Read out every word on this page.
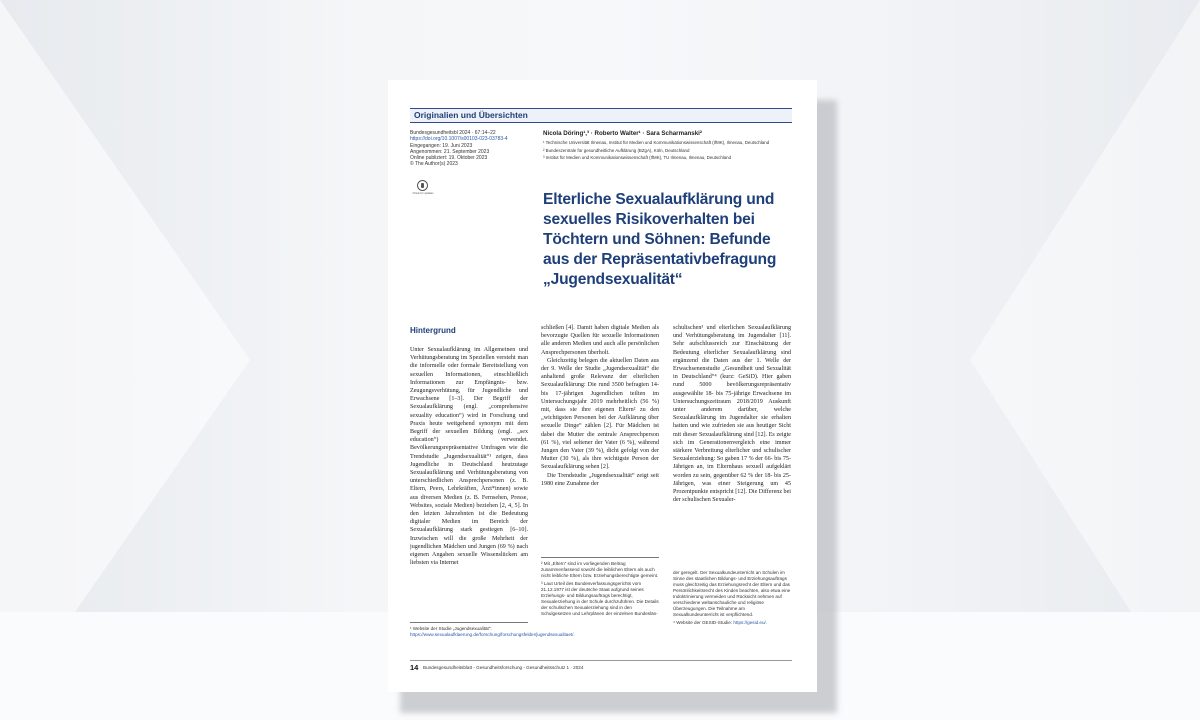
Originalien und Übersichten
Bundesgesundheitsbl 2024 · 67:14–22
https://doi.org/10.1007/s00103-023-03783-4
Eingegangen: 19. Juni 2023
Angenommen: 21. September 2023
Online publiziert: 19. Oktober 2023
© The Author(s) 2023
Check for updates
Nicola Döring¹,³ · Roberto Walter¹ · Sara Scharmanski²
¹ Technische Universität Ilmenau, Institut für Medien und Kommunikationswissenschaft (IfMK), Ilmenau, Deutschland
² Bundeszentrale für gesundheitliche Aufklärung (BZgA), Köln, Deutschland
³ Institut für Medien und Kommunikationswissenschaft (IfMK), TU Ilmenau, Ilmenau, Deutschland
Elterliche Sexualaufklärung und
sexuelles Risikoverhalten bei
Töchtern und Söhnen: Befunde
aus der Repräsentativbefragung
„Jugendsexualität“
Hintergrund

Unter Sexualaufklärung im Allgemeinen und Verhütungsberatung im Speziellen versteht man die informelle oder formale Bereitstellung von sexuellen Informationen, einschließlich Informationen zur Empfängnis- bzw. Zeugungsverhütung, für Jugendliche und Erwachsene [1–3]. Der Begriff der Sexualaufklärung (engl. „comprehensive sexuality education“) wird in Forschung und Praxis heute weitgehend synonym mit dem Begriff der sexuellen Bildung (engl. „sex education“) verwendet. Bevölkerungsrepräsentative Umfragen wie die Trendstudie „Jugendsexualität“¹ zeigen, dass Jugendliche in Deutschland heutzutage Sexualaufklärung und Verhütungsberatung von unterschiedlichen Ansprechpersonen (z. B. Eltern, Peers, Lehrkräften, Ärzt*innen) sowie aus diversen Medien (z. B. Fernsehen, Presse, Websites, soziale Medien) beziehen [2, 4, 5]. In den letzten Jahrzehnten ist die Bedeutung digitaler Medien im Bereich der Sexualaufklärung stark gestiegen [6–10]. Inzwischen will die große Mehrheit der jugendlichen Mädchen und Jungen (69 %) nach eigenen Angaben sexuelle Wissenslücken am liebsten via Internet

schließen [4]. Damit haben digitale Medien als bevorzugte Quellen für sexuelle Informationen alle anderen Medien und auch alle persönlichen Ansprechpersonen überholt.

Gleichzeitig belegen die aktuellen Daten aus der 9. Welle der Studie „Jugendsexualität“ die anhaltend große Relevanz der elterlichen Sexualaufklärung: Die rund 3500 befragten 14- bis 17-jährigen Jugendlichen teilten im Untersuchungsjahr 2019 mehrheitlich (56 %) mit, dass sie ihre eigenen Eltern² zu den „wichtigsten Personen bei der Aufklärung über sexuelle Dinge“ zählen [2]. Für Mädchen ist dabei die Mutter die zentrale Ansprechperson (61 %), viel seltener der Vater (6 %), während Jungen den Vater (39 %), dicht gefolgt von der Mutter (30 %), als ihre wichtigste Person der Sexualaufklärung sehen [2].

Die Trendstudie „Jugendsexualität“ zeigt seit 1980 eine Zunahme der

schulischen³ und elterlichen Sexualaufklärung und Verhütungsberatung im Jugendalter [11]. Sehr aufschlussreich zur Einschätzung der Bedeutung elterlicher Sexualaufklärung sind ergänzend die Daten aus der 1. Welle der Erwachsenenstudie „Gesundheit und Sexualität in Deutschland“⁴ (kurz: GeSiD). Hier gaben rund 5000 bevölkerungsrepräsentativ ausgewählte 18- bis 75-jährige Erwachsene im Untersuchungszeitraum 2018/2019 Auskunft unter anderem darüber, welche Sexualaufklärung im Jugendalter sie erhalten hatten und wie zufrieden sie aus heutiger Sicht mit dieser Sexualaufklärung sind [12]. Es zeigte sich im Generationenvergleich eine immer stärkere Verbreitung elterlicher und schulischer Sexualerziehung: So gaben 17 % der 66- bis 75-Jährigen an, im Elternhaus sexuell aufgeklärt worden zu sein, gegenüber 62 % der 18- bis 25-Jährigen, was einer Steigerung um 45 Prozentpunkte entspricht [12]. Die Differenz bei der schulischen Sexualer-

¹ Website der Studie „Jugendsexualität“: https://www.sexualaufklaerung.de/forschung/forschungsfelder/jugendsexualitaet/.

² Mit „Eltern“ sind im vorliegenden Beitrag zusammenfassend sowohl die leiblichen Eltern als auch nicht leibliche Eltern bzw. Erziehungsberechtigte gemeint.

³ Laut Urteil des Bundesverfassungsgerichts vom 21.12.1977 ist der deutsche Staat aufgrund seines Erziehungs- und Bildungsauftrags berechtigt, Sexualerziehung in der Schule durchzuführen. Die Details der schulischen Sexualerziehung sind in den Schulgesetzen und Lehrplänen der einzelnen Bundeslän-

der geregelt. Der Sexualkundeunterricht an Schulen im Sinne des staatlichen Bildungs- und Erziehungsauftrags muss gleichzeitig das Erziehungsrecht der Eltern und das Persönlichkeitsrecht des Kindes beachten, also etwa eine Indoktrinierung vermeiden und Rücksicht nehmen auf verschiedene weltanschauliche und religiöse Überzeugungen. Die Teilnahme am Sexualkundeunterricht ist verpflichtend.

⁴ Website der GESID-Studie: https://gesid.eu/.

14 Bundesgesundheitsblatt - Gesundheitsforschung - Gesundheitsschutz 1 · 2024
